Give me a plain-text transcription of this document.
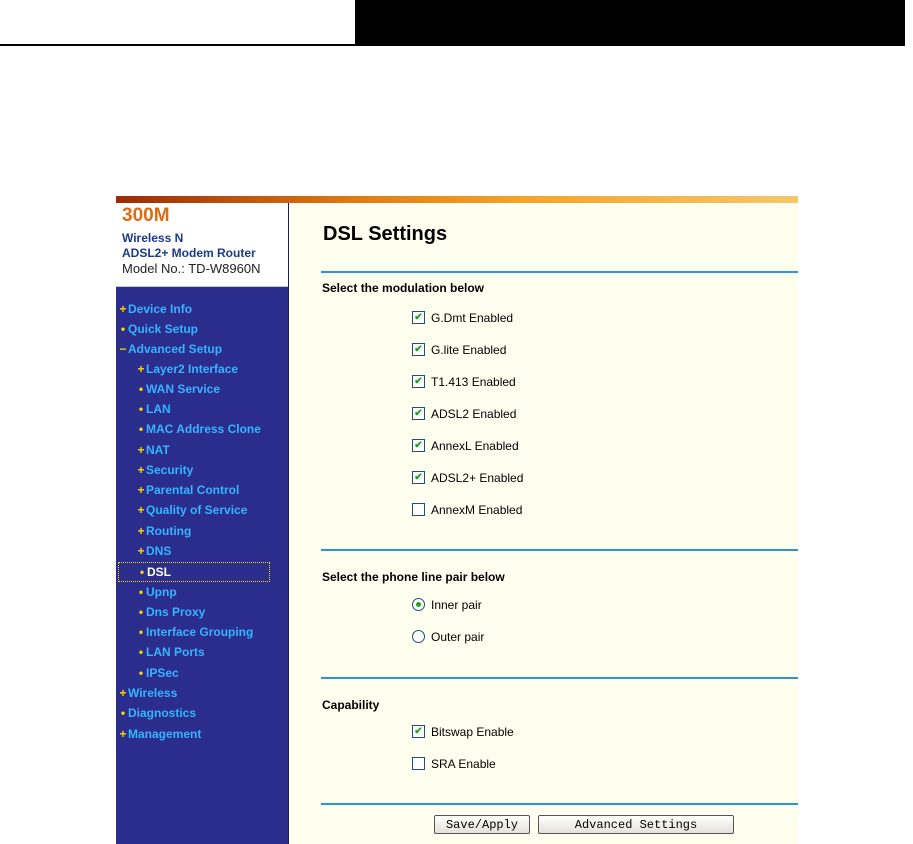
300M
Wireless N
ADSL2+ Modem Router
Model No.: TD-W8960N
+ Device Info
• Quick Setup
− Advanced Setup
+ Layer2 Interface
• WAN Service
• LAN
• MAC Address Clone
+ NAT
+ Security
+ Parental Control
+ Quality of Service
+ Routing
+ DNS
• DSL
• Upnp
• Dns Proxy
• Interface Grouping
• LAN Ports
• IPSec
+ Wireless
• Diagnostics
+ Management
DSL Settings
Select the modulation below
✔ G.Dmt Enabled
✔ G.lite Enabled
✔ T1.413 Enabled
✔ ADSL2 Enabled
✔ AnnexL Enabled
✔ ADSL2+ Enabled
AnnexM Enabled
Select the phone line pair below
Inner pair
Outer pair
Capability
✔ Bitswap Enable
SRA Enable
Save/Apply	Advanced Settings
